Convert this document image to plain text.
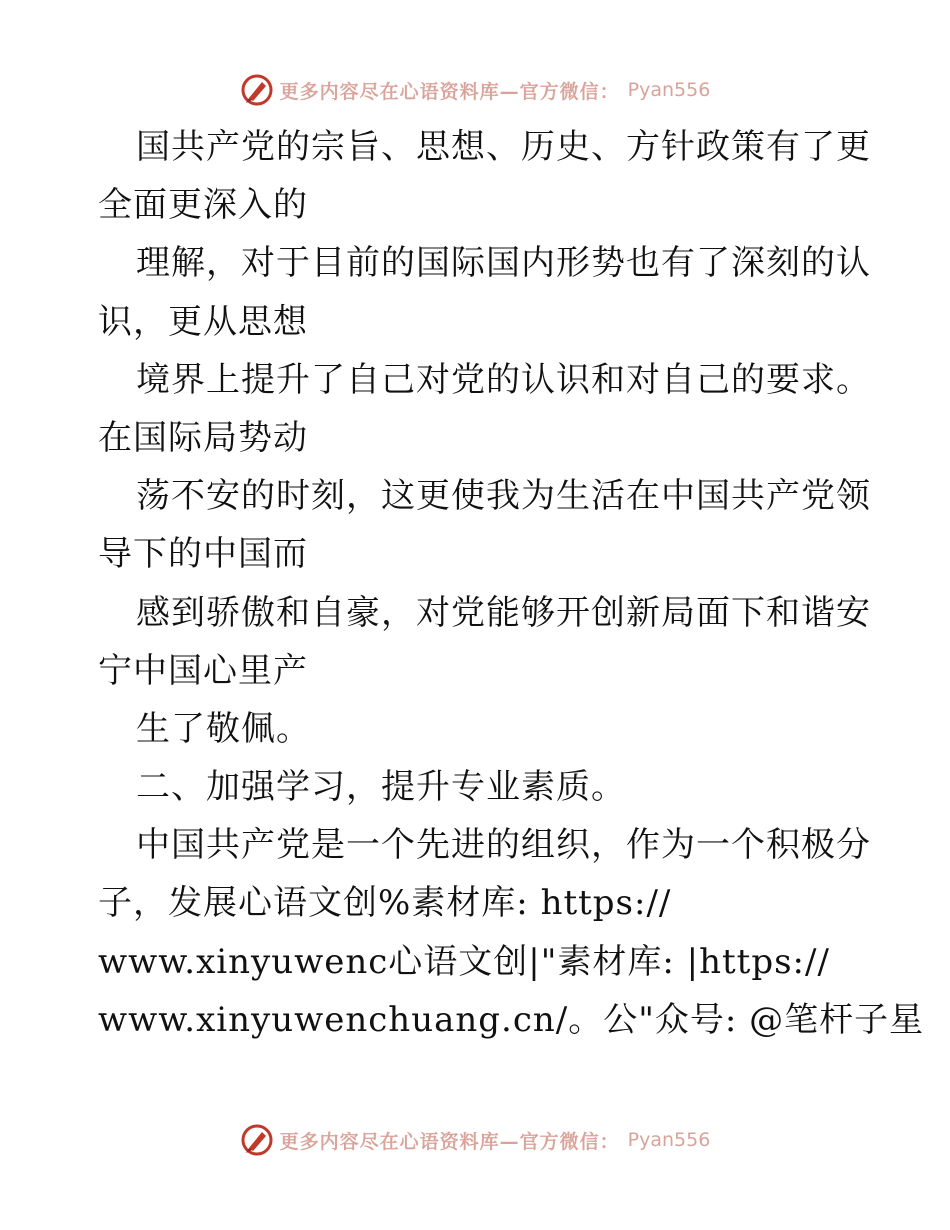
更多内容尽在心语资料库—官方微信： Pyan556
国共产党的宗旨、思想、历史、方针政策有了更
全面更深入的
理解，对于目前的国际国内形势也有了深刻的认
识，更从思想
境界上提升了自己对党的认识和对自己的要求。
在国际局势动
荡不安的时刻，这更使我为生活在中国共产党领
导下的中国而
感到骄傲和自豪，对党能够开创新局面下和谐安
宁中国心里产
生了敬佩。
二、加强学习，提升专业素质。
中国共产党是一个先进的组织，作为一个积极分
子，发展心语文创%素材库: https://
www.xinyuwenc心语文创|"素材库: |https://
www.xinyuwenchuang.cn/。公"众号: @笔杆子星
更多内容尽在心语资料库—官方微信： Pyan556
